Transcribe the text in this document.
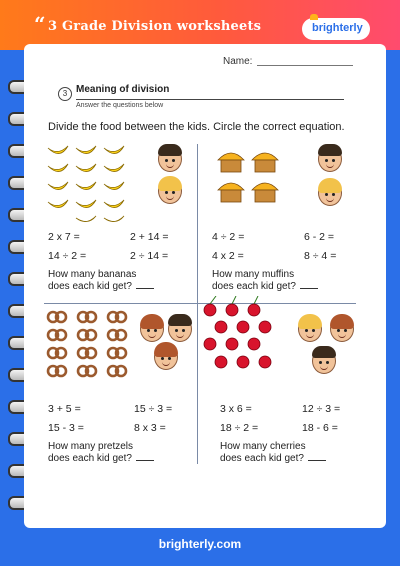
“ 3 Grade Division worksheets	brighterly
Name:
3 Meaning of division
Answer the questions below
Divide the food between the kids. Circle the correct equation.
2 x 7 =	2 + 14 =
14 ÷ 2 =	2 ÷ 14 =
How many bananas
does each kid get?
4 ÷ 2 =	6 - 2 =
4 x 2 =	8 ÷ 4 =
How many muffins
does each kid get?
3 + 5 =	15 ÷ 3 =
15 - 3 =	8 x 3 =
How many pretzels
does each kid get?
3 x 6 =	12 ÷ 3 =
18 ÷ 2 =	18 - 6 =
How many cherries
does each kid get?
brighterly.com
